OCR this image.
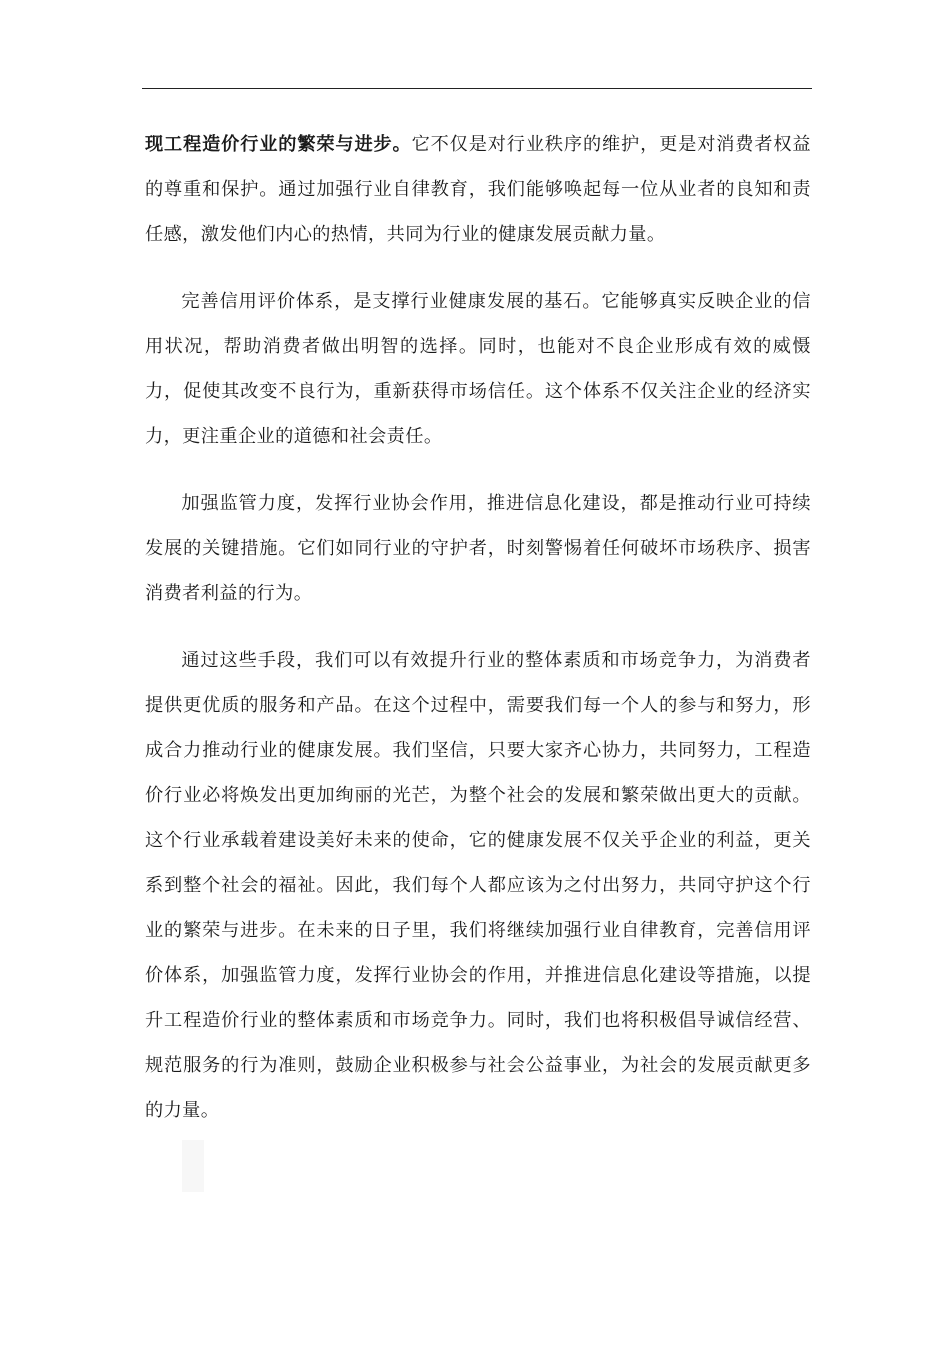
现工程造价行业的繁荣与进步。它不仅是对行业秩序的维护，更是对消费者权益的尊重和保护。通过加强行业自律教育，我们能够唤起每一位从业者的良知和责任感，激发他们内心的热情，共同为行业的健康发展贡献力量。

完善信用评价体系，是支撑行业健康发展的基石。它能够真实反映企业的信用状况，帮助消费者做出明智的选择。同时，也能对不良企业形成有效的威慑力，促使其改变不良行为，重新获得市场信任。这个体系不仅关注企业的经济实力，更注重企业的道德和社会责任。

加强监管力度，发挥行业协会作用，推进信息化建设，都是推动行业可持续发展的关键措施。它们如同行业的守护者，时刻警惕着任何破坏市场秩序、损害消费者利益的行为。

通过这些手段，我们可以有效提升行业的整体素质和市场竞争力，为消费者提供更优质的服务和产品。在这个过程中，需要我们每一个人的参与和努力，形成合力推动行业的健康发展。我们坚信，只要大家齐心协力，共同努力，工程造价行业必将焕发出更加绚丽的光芒，为整个社会的发展和繁荣做出更大的贡献。这个行业承载着建设美好未来的使命，它的健康发展不仅关乎企业的利益，更关系到整个社会的福祉。因此，我们每个人都应该为之付出努力，共同守护这个行业的繁荣与进步。在未来的日子里，我们将继续加强行业自律教育，完善信用评价体系，加强监管力度，发挥行业协会的作用，并推进信息化建设等措施，以提升工程造价行业的整体素质和市场竞争力。同时，我们也将积极倡导诚信经营、规范服务的行为准则，鼓励企业积极参与社会公益事业，为社会的发展贡献更多的力量。
